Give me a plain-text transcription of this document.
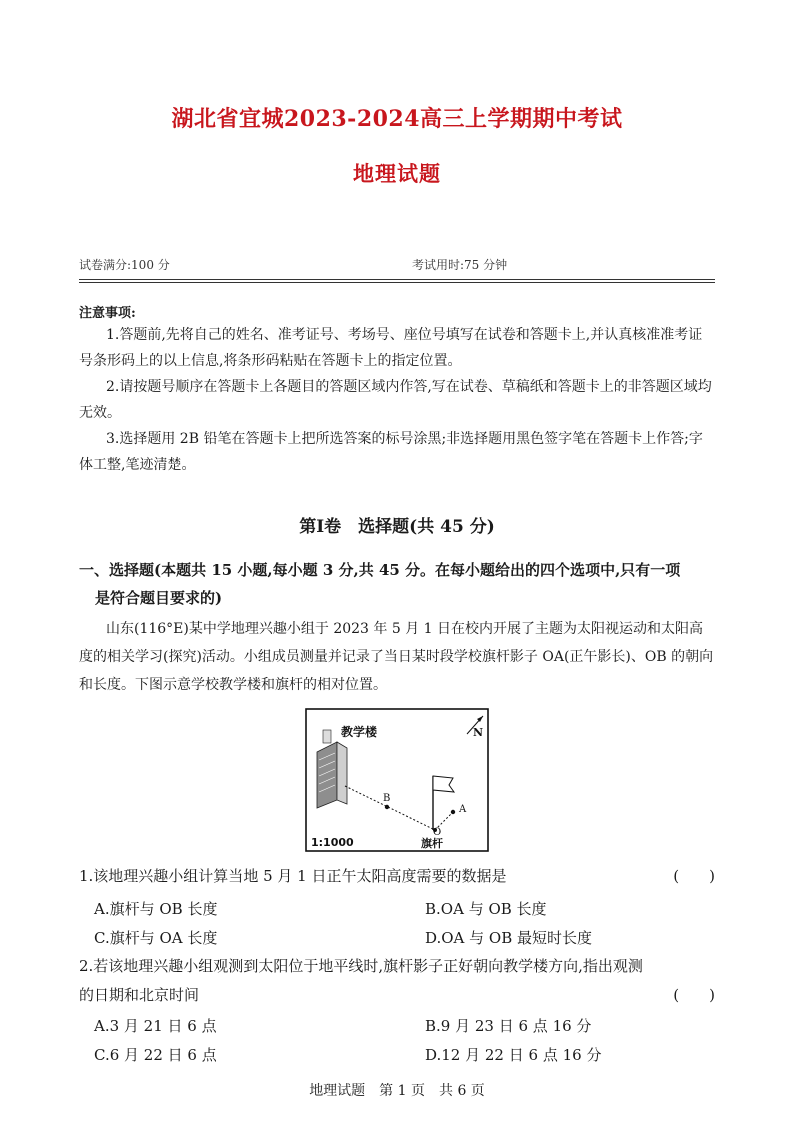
湖北省宜城2023-2024高三上学期期中考试
地理试题
试卷满分:100 分	考试用时:75 分钟
注意事项:
1.答题前,先将自己的姓名、准考证号、考场号、座位号填写在试卷和答题卡上,并认真核准准考证号条形码上的以上信息,将条形码粘贴在答题卡上的指定位置。
2.请按题号顺序在答题卡上各题目的答题区域内作答,写在试卷、草稿纸和答题卡上的非答题区域均无效。
3.选择题用 2B 铅笔在答题卡上把所选答案的标号涂黑;非选择题用黑色签字笔在答题卡上作答;字体工整,笔迹清楚。
第Ⅰ卷　选择题(共 45 分)
一、选择题(本题共 15 小题,每小题 3 分,共 45 分。在每小题给出的四个选项中,只有一项
是符合题目要求的)
山东(116°E)某中学地理兴趣小组于 2023 年 5 月 1 日在校内开展了主题为太阳视运动和太阳高度的相关学习(探究)活动。小组成员测量并记录了当日某时段学校旗杆影子 OA(正午影长)、OB 的朝向和长度。下图示意学校教学楼和旗杆的相对位置。
教学楼	N
B
A
O
旗杆
1:1000
1.该地理兴趣小组计算当地 5 月 1 日正午太阳高度需要的数据是	(　　)
A.旗杆与 OB 长度	B.OA 与 OB 长度
C.旗杆与 OA 长度	D.OA 与 OB 最短时长度
2.若该地理兴趣小组观测到太阳位于地平线时,旗杆影子正好朝向教学楼方向,指出观测
的日期和北京时间	(　　)
A.3 月 21 日 6 点	B.9 月 23 日 6 点 16 分
C.6 月 22 日 6 点	D.12 月 22 日 6 点 16 分
地理试题　第 1 页　共 6 页
